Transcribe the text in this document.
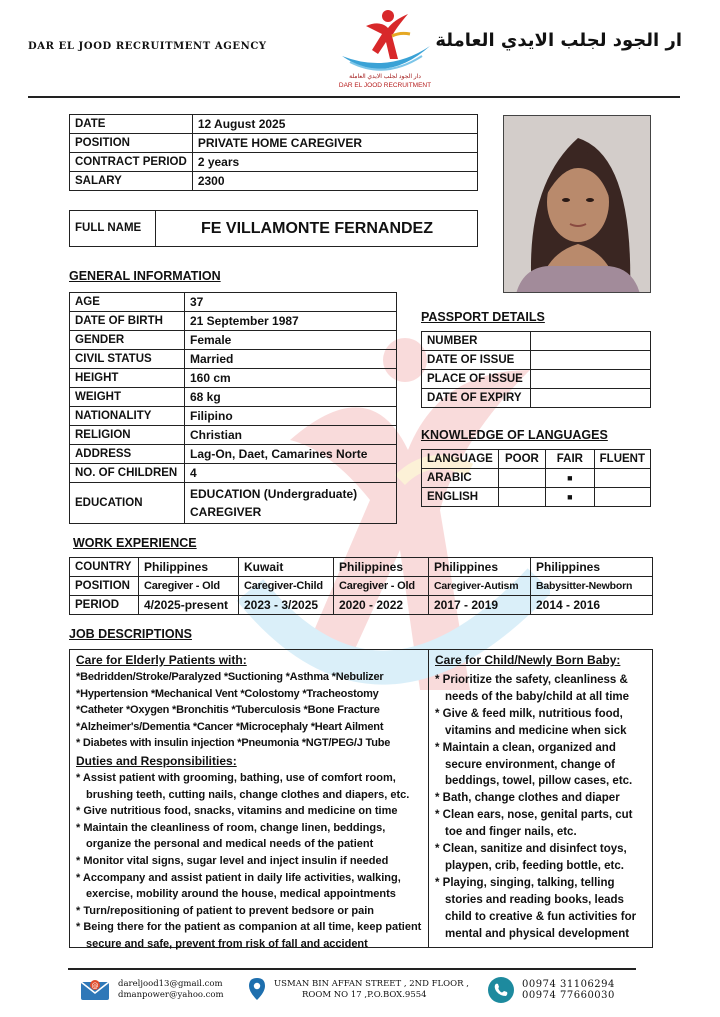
DAR EL JOOD RECRUITMENT AGENCY	ار الجود لجلب الايدي العاملة
دار الجود لجلب الايدي العاملة
DAR EL JOOD RECRUITMENT
DATE	12 August 2025
POSITION	PRIVATE HOME CAREGIVER
CONTRACT PERIOD	2 years
SALARY	2300
FULL NAME	FE VILLAMONTE FERNANDEZ
GENERAL INFORMATION
AGE	37
DATE OF BIRTH	21 September 1987
GENDER	Female
CIVIL STATUS	Married
HEIGHT	160 cm
WEIGHT	68 kg
NATIONALITY	Filipino
RELIGION	Christian
ADDRESS	Lag-On, Daet, Camarines Norte
NO. OF CHILDREN	4
EDUCATION	EDUCATION (Undergraduate)
CAREGIVER
PASSPORT DETAILS
NUMBER	
DATE OF ISSUE	
PLACE OF ISSUE	
DATE OF EXPIRY	
KNOWLEDGE OF LANGUAGES
LANGUAGE	POOR	FAIR	FLUENT
ARABIC		■	
ENGLISH		■	
WORK EXPERIENCE
COUNTRY	Philippines	Kuwait	Philippines	Philippines	Philippines
POSITION	Caregiver - Old	Caregiver-Child	Caregiver - Old	Caregiver-Autism	Babysitter-Newborn
PERIOD	4/2025-present	2023 - 3/2025	2020 - 2022	2017 - 2019	2014 - 2016
JOB DESCRIPTIONS
Care for Elderly Patients with:
*Bedridden/Stroke/Paralyzed *Suctioning *Asthma *Nebulizer
*Hypertension *Mechanical Vent *Colostomy *Tracheostomy
*Catheter *Oxygen *Bronchitis *Tuberculosis *Bone Fracture
*Alzheimer's/Dementia *Cancer *Microcephaly *Heart Ailment
* Diabetes with insulin injection *Pneumonia *NGT/PEG/J Tube
Duties and Responsibilities:
* Assist patient with grooming, bathing, use of comfort room, brushing teeth, cutting nails, change clothes and diapers, etc.
* Give nutritious food, snacks, vitamins and medicine on time
* Maintain the cleanliness of room, change linen, beddings, organize the personal and medical needs of the patient
* Monitor vital signs, sugar level and inject insulin if needed
* Accompany and assist patient in daily life activities, walking, exercise, mobility around the house, medical appointments
* Turn/repositioning of patient to prevent bedsore or pain
* Being there for the patient as companion at all time, keep patient secure and safe, prevent from risk of fall and accident
Care for Child/Newly Born Baby:
* Prioritize the safety, cleanliness & needs of the baby/child at all time
* Give & feed milk, nutritious food, vitamins and medicine when sick
* Maintain a clean, organized and secure environment, change of beddings, towel, pillow cases, etc.
* Bath, change clothes and diaper
* Clean ears, nose, genital parts, cut toe and finger nails, etc.
* Clean, sanitize and disinfect toys, playpen, crib, feeding bottle, etc.
* Playing, singing, talking, telling stories and reading books, leads child to creative & fun activities for mental and physical development
@ dareljood13@gmail.com
dmanpower@yahoo.com
USMAN BIN AFFAN STREET , 2ND FLOOR ,
ROOM NO 17 ,P.O.BOX.9554
00974 31106294
00974 77660030
